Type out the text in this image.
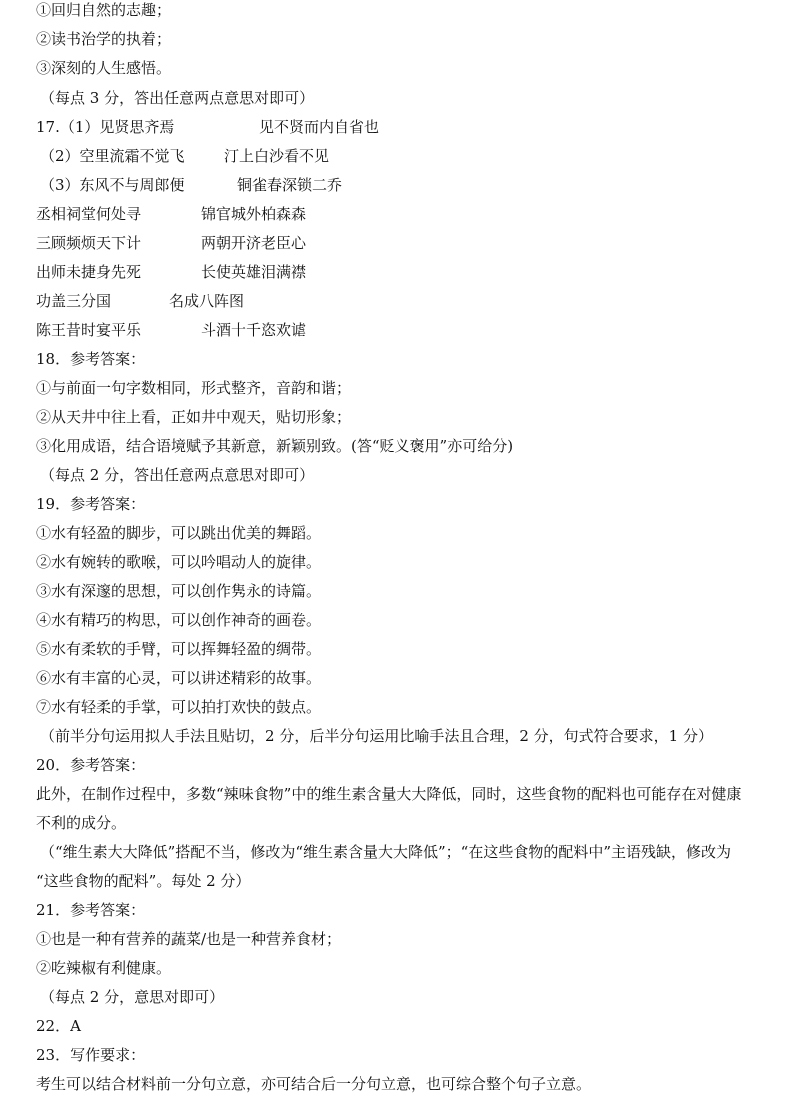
①回归自然的志趣；
②读书治学的执着；
③深刻的人生感悟。
（每点 3 分，答出任意两点意思对即可）
17.（1）见贤思齐焉	见不贤而内自省也
（2）空里流霜不觉飞	汀上白沙看不见
（3）东风不与周郎便	铜雀春深锁二乔
丞相祠堂何处寻	锦官城外柏森森
三顾频烦天下计	两朝开济老臣心
出师未捷身先死	长使英雄泪满襟
功盖三分国	名成八阵图
陈王昔时宴平乐	斗酒十千恣欢谑
18．参考答案：
①与前面一句字数相同，形式整齐，音韵和谐；
②从天井中往上看，正如井中观天，贴切形象；
③化用成语，结合语境赋予其新意，新颖别致。(答“贬义褒用”亦可给分)
（每点 2 分，答出任意两点意思对即可）
19．参考答案：
①水有轻盈的脚步，可以跳出优美的舞蹈。
②水有婉转的歌喉，可以吟唱动人的旋律。
③水有深邃的思想，可以创作隽永的诗篇。
④水有精巧的构思，可以创作神奇的画卷。
⑤水有柔软的手臂，可以挥舞轻盈的绸带。
⑥水有丰富的心灵，可以讲述精彩的故事。
⑦水有轻柔的手掌，可以拍打欢快的鼓点。
（前半分句运用拟人手法且贴切，2 分，后半分句运用比喻手法且合理，2 分，句式符合要求，1 分）
20．参考答案：
此外，在制作过程中，多数“辣味食物”中的维生素含量大大降低，同时，这些食物的配料也可能存在对健康
不利的成分。
（“维生素大大降低”搭配不当，修改为“维生素含量大大降低”；“在这些食物的配料中”主语残缺，修改为
“这些食物的配料”。每处 2 分）
21．参考答案：
①也是一种有营养的蔬菜/也是一种营养食材；
②吃辣椒有利健康。
（每点 2 分，意思对即可）
22．A
23．写作要求：
考生可以结合材料前一分句立意，亦可结合后一分句立意，也可综合整个句子立意。
